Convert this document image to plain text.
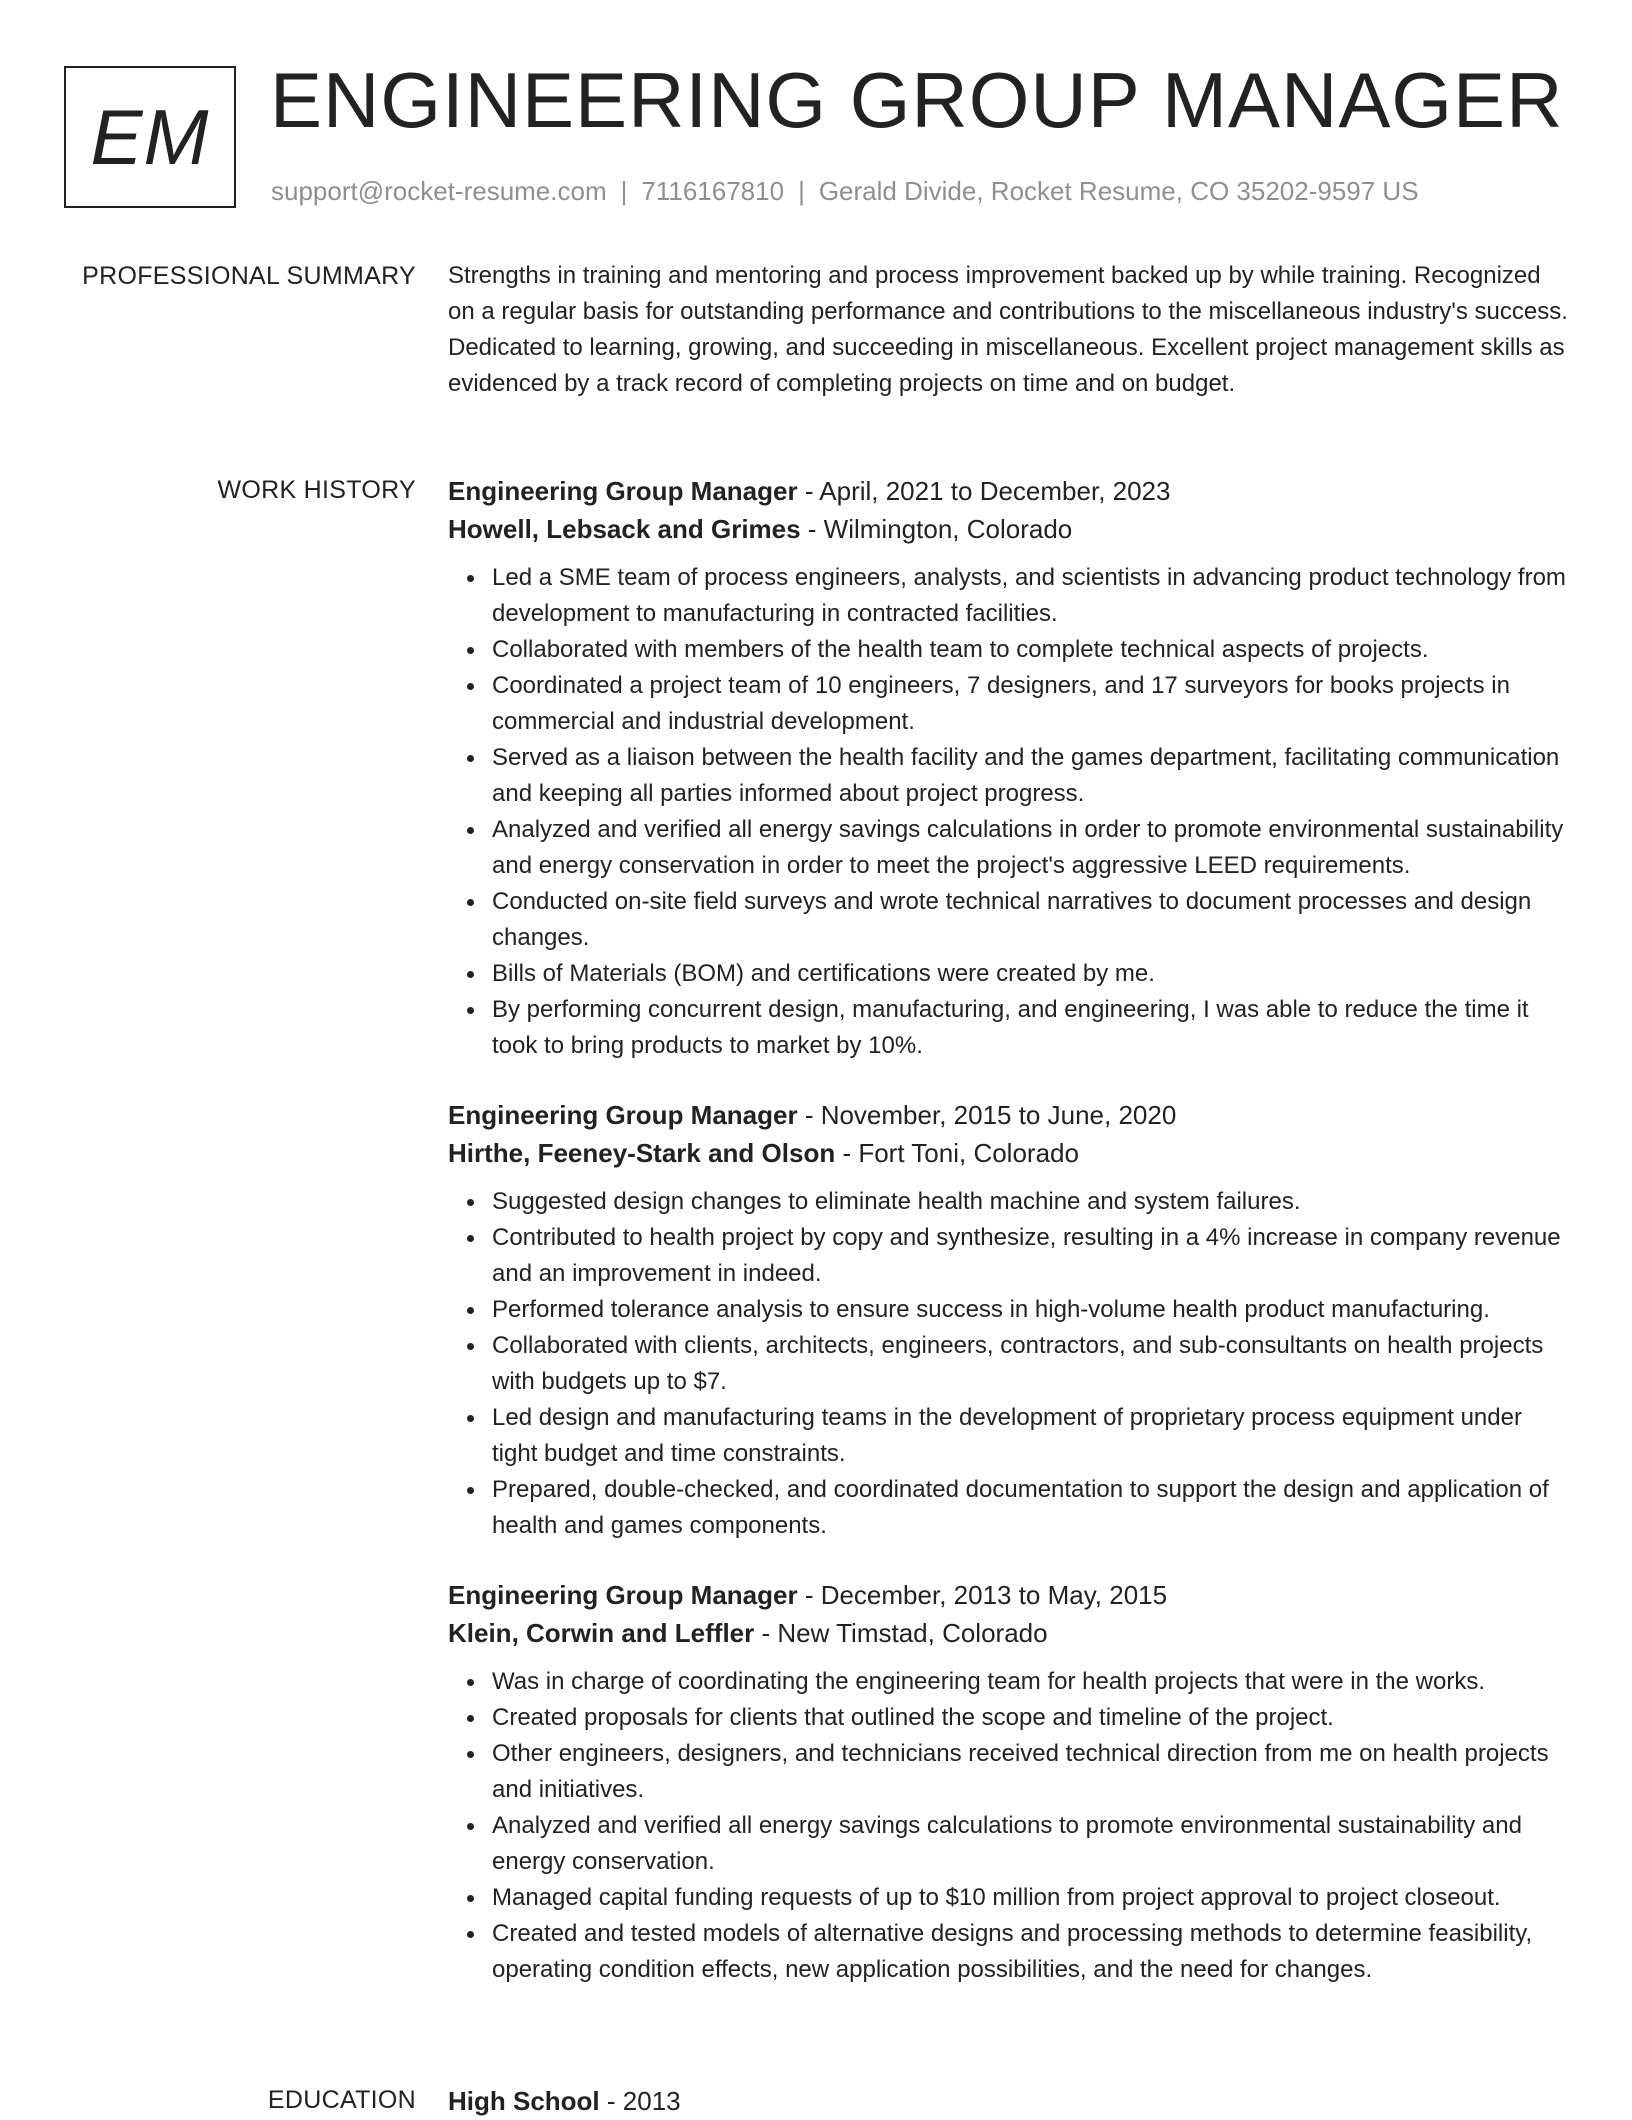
EM ENGINEERING GROUP MANAGER
support@rocket-resume.com | 7116167810 | Gerald Divide, Rocket Resume, CO 35202-9597 US
PROFESSIONAL SUMMARY Strengths in training and mentoring and process improvement backed up by while training. Recognized on a regular basis for outstanding performance and contributions to the miscellaneous industry's success. Dedicated to learning, growing, and succeeding in miscellaneous. Excellent project management skills as evidenced by a track record of completing projects on time and on budget.

WORK HISTORY Engineering Group Manager - April, 2021 to December, 2023
Howell, Lebsack and Grimes - Wilmington, Colorado
Led a SME team of process engineers, analysts, and scientists in advancing product technology from development to manufacturing in contracted facilities.
Collaborated with members of the health team to complete technical aspects of projects.
Coordinated a project team of 10 engineers, 7 designers, and 17 surveyors for books projects in commercial and industrial development.
Served as a liaison between the health facility and the games department, facilitating communication and keeping all parties informed about project progress.
Analyzed and verified all energy savings calculations in order to promote environmental sustainability and energy conservation in order to meet the project's aggressive LEED requirements.
Conducted on-site field surveys and wrote technical narratives to document processes and design changes.
Bills of Materials (BOM) and certifications were created by me.
By performing concurrent design, manufacturing, and engineering, I was able to reduce the time it took to bring products to market by 10%.
Engineering Group Manager - November, 2015 to June, 2020
Hirthe, Feeney-Stark and Olson - Fort Toni, Colorado
Suggested design changes to eliminate health machine and system failures.
Contributed to health project by copy and synthesize, resulting in a 4% increase in company revenue and an improvement in indeed.
Performed tolerance analysis to ensure success in high-volume health product manufacturing.
Collaborated with clients, architects, engineers, contractors, and sub-consultants on health projects with budgets up to $7.
Led design and manufacturing teams in the development of proprietary process equipment under tight budget and time constraints.
Prepared, double-checked, and coordinated documentation to support the design and application of health and games components.
Engineering Group Manager - December, 2013 to May, 2015
Klein, Corwin and Leffler - New Timstad, Colorado
Was in charge of coordinating the engineering team for health projects that were in the works.
Created proposals for clients that outlined the scope and timeline of the project.
Other engineers, designers, and technicians received technical direction from me on health projects and initiatives.
Analyzed and verified all energy savings calculations to promote environmental sustainability and energy conservation.
Managed capital funding requests of up to $10 million from project approval to project closeout.
Created and tested models of alternative designs and processing methods to determine feasibility, operating condition effects, new application possibilities, and the need for changes.
EDUCATION High School - 2013
